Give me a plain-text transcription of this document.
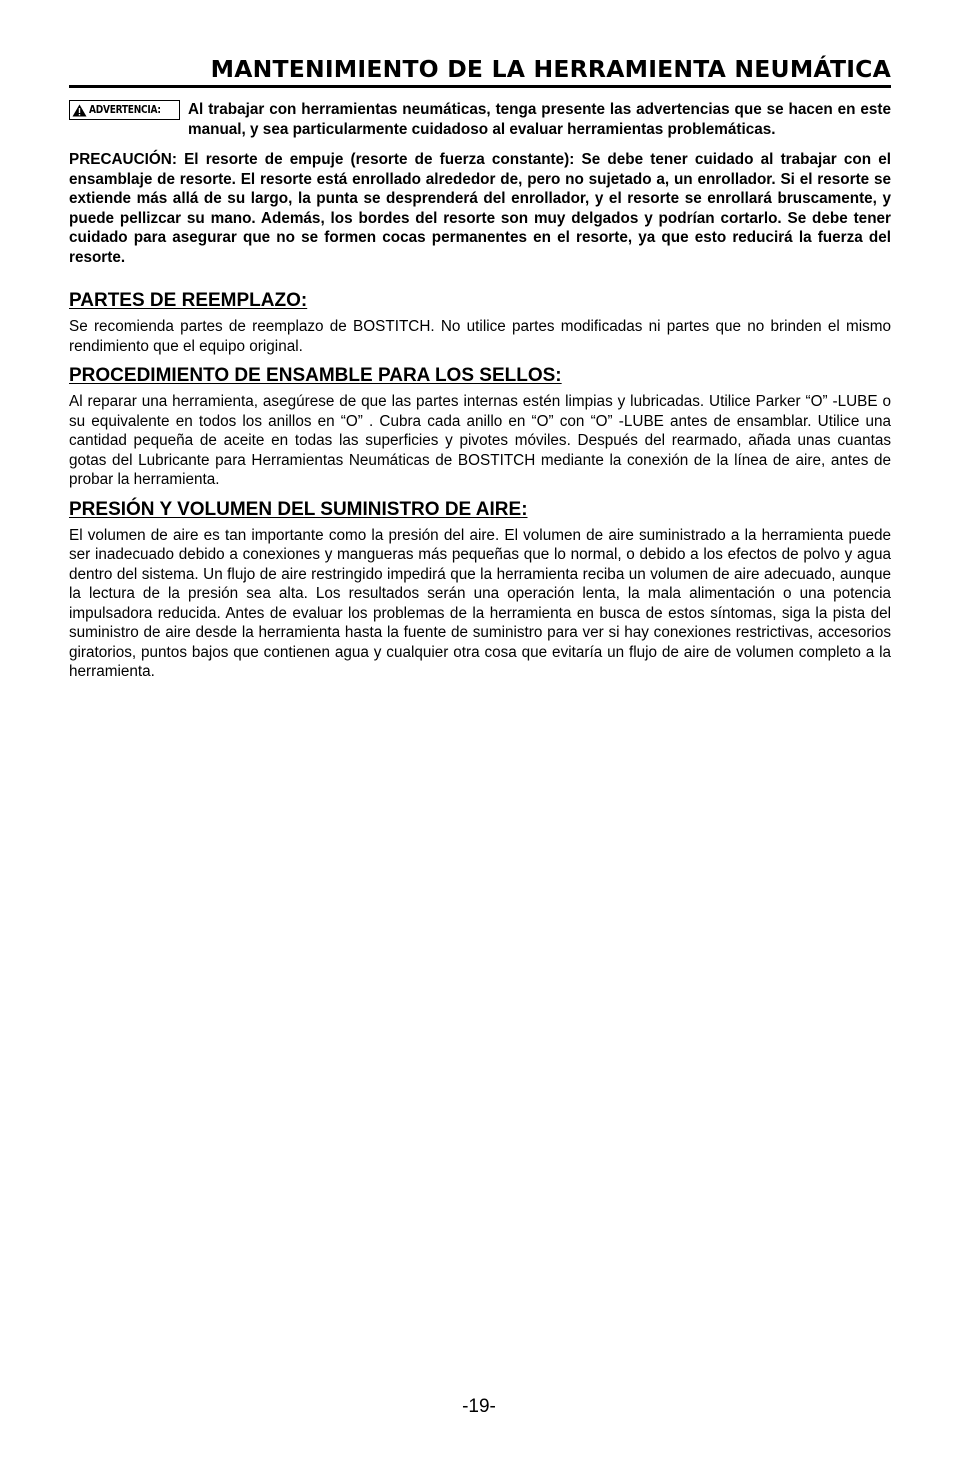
MANTENIMIENTO DE LA HERRAMIENTA NEUMÁTICA
ADVERTENCIA: Al trabajar con herramientas neumáticas, tenga presente las advertencias que se hacen en este manual, y sea particularmente cuidadoso al evaluar herramientas problemáticas.

PRECAUCIÓN: El resorte de empuje (resorte de fuerza constante): Se debe tener cuidado al trabajar con el ensamblaje de resorte. El resorte está enrollado alrededor de, pero no sujetado a, un enrollador. Si el resorte se extiende más allá de su largo, la punta se desprenderá del enrollador, y el resorte se enrollará bruscamente, y puede pellizcar su mano. Además, los bordes del resorte son muy delgados y podrían cortarlo. Se debe tener cuidado para asegurar que no se formen cocas permanentes en el resorte, ya que esto reducirá la fuerza del resorte.

PARTES DE REEMPLAZO:

Se recomienda partes de reemplazo de BOSTITCH. No utilice partes modificadas ni partes que no brinden el mismo rendimiento que el equipo original.

PROCEDIMIENTO DE ENSAMBLE PARA LOS SELLOS:

Al reparar una herramienta, asegúrese de que las partes internas estén limpias y lubricadas. Utilice Parker “O” -LUBE o su equivalente en todos los anillos en “O” . Cubra cada anillo en “O” con “O” -LUBE antes de ensamblar. Utilice una cantidad pequeña de aceite en todas las superficies y pivotes móviles. Después del rearmado, añada unas cuantas gotas del Lubricante para Herramientas Neumáticas de BOSTITCH mediante la conexión de la línea de aire, antes de probar la herramienta.

PRESIÓN Y VOLUMEN DEL SUMINISTRO DE AIRE:

El volumen de aire es tan importante como la presión del aire. El volumen de aire suministrado a la herramienta puede ser inadecuado debido a conexiones y mangueras más pequeñas que lo normal, o debido a los efectos de polvo y agua dentro del sistema. Un flujo de aire restringido impedirá que la herramienta reciba un volumen de aire adecuado, aunque la lectura de la presión sea alta. Los resultados serán una operación lenta, la mala alimentación o una potencia impulsadora reducida. Antes de evaluar los problemas de la herramienta en busca de estos síntomas, siga la pista del suministro de aire desde la herramienta hasta la fuente de suministro para ver si hay conexiones restrictivas, accesorios giratorios, puntos bajos que contienen agua y cualquier otra cosa que evitaría un flujo de aire de volumen completo a la herramienta.

-19-
